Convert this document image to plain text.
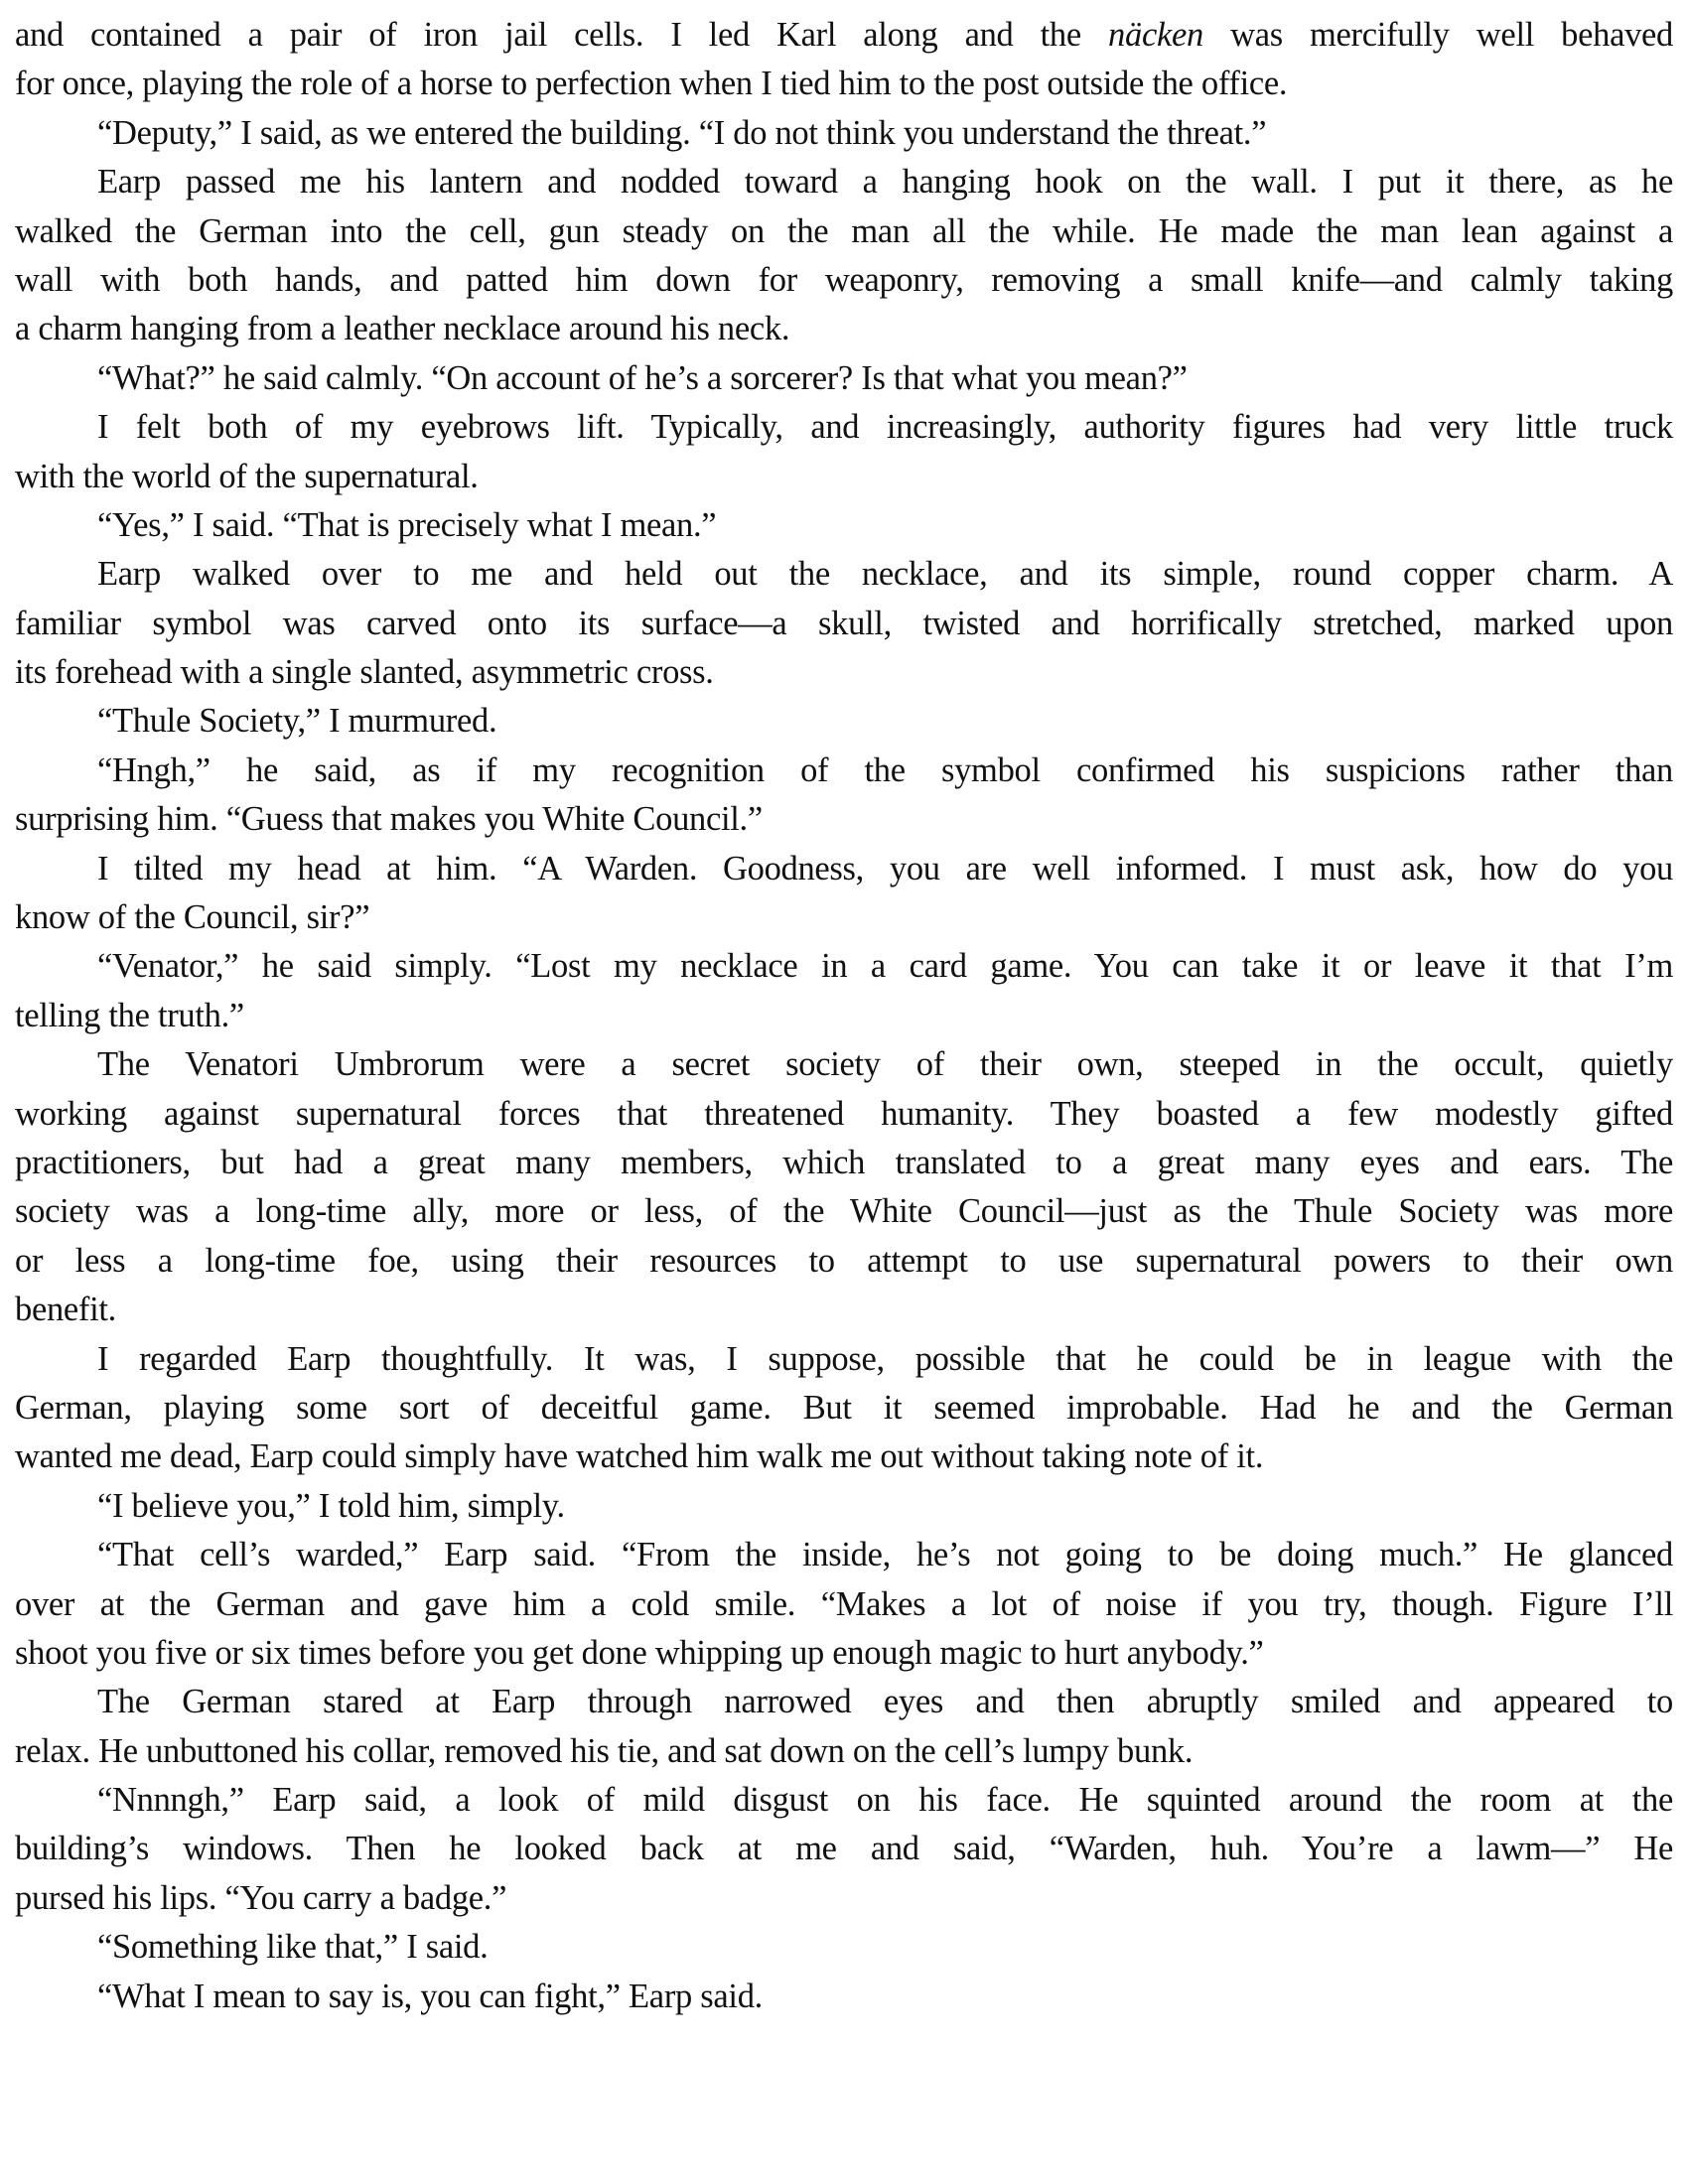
and contained a pair of iron jail cells. I led Karl along and the näcken was mercifully well behaved
for once, playing the role of a horse to perfection when I tied him to the post outside the office.
“Deputy,” I said, as we entered the building. “I do not think you understand the threat.”
Earp passed me his lantern and nodded toward a hanging hook on the wall. I put it there, as he
walked the German into the cell, gun steady on the man all the while. He made the man lean against a
wall with both hands, and patted him down for weaponry, removing a small knife—and calmly taking
a charm hanging from a leather necklace around his neck.
“What?” he said calmly. “On account of he’s a sorcerer? Is that what you mean?”
I felt both of my eyebrows lift. Typically, and increasingly, authority figures had very little truck
with the world of the supernatural.
“Yes,” I said. “That is precisely what I mean.”
Earp walked over to me and held out the necklace, and its simple, round copper charm. A
familiar symbol was carved onto its surface—a skull, twisted and horrifically stretched, marked upon
its forehead with a single slanted, asymmetric cross.
“Thule Society,” I murmured.
“Hngh,” he said, as if my recognition of the symbol confirmed his suspicions rather than
surprising him. “Guess that makes you White Council.”
I tilted my head at him. “A Warden. Goodness, you are well informed. I must ask, how do you
know of the Council, sir?”
“Venator,” he said simply. “Lost my necklace in a card game. You can take it or leave it that I’m
telling the truth.”
The Venatori Umbrorum were a secret society of their own, steeped in the occult, quietly
working against supernatural forces that threatened humanity. They boasted a few modestly gifted
practitioners, but had a great many members, which translated to a great many eyes and ears. The
society was a long-time ally, more or less, of the White Council—just as the Thule Society was more
or less a long-time foe, using their resources to attempt to use supernatural powers to their own
benefit.
I regarded Earp thoughtfully. It was, I suppose, possible that he could be in league with the
German, playing some sort of deceitful game. But it seemed improbable. Had he and the German
wanted me dead, Earp could simply have watched him walk me out without taking note of it.
“I believe you,” I told him, simply.
“That cell’s warded,” Earp said. “From the inside, he’s not going to be doing much.” He glanced
over at the German and gave him a cold smile. “Makes a lot of noise if you try, though. Figure I’ll
shoot you five or six times before you get done whipping up enough magic to hurt anybody.”
The German stared at Earp through narrowed eyes and then abruptly smiled and appeared to
relax. He unbuttoned his collar, removed his tie, and sat down on the cell’s lumpy bunk.
“Nnnngh,” Earp said, a look of mild disgust on his face. He squinted around the room at the
building’s windows. Then he looked back at me and said, “Warden, huh. You’re a lawm—” He
pursed his lips. “You carry a badge.”
“Something like that,” I said.
“What I mean to say is, you can fight,” Earp said.
